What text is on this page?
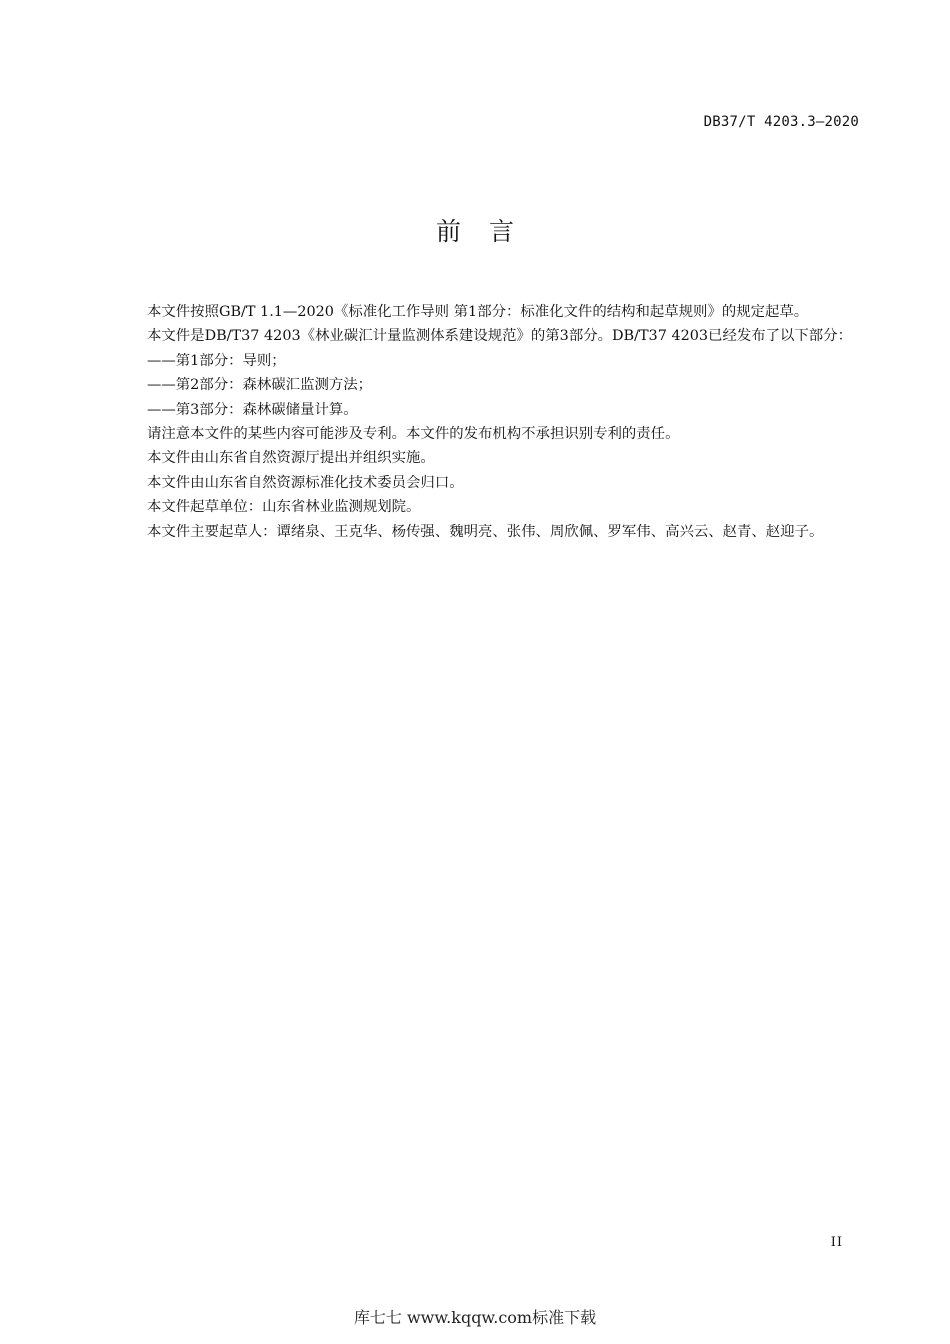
DB37/T 4203.3—2020
前言

本文件按照GB/T 1.1—2020《标准化工作导则 第1部分：标准化文件的结构和起草规则》的规定起草。

本文件是DB/T37 4203《林业碳汇计量监测体系建设规范》的第3部分。DB/T37 4203已经发布了以下部分：

——第1部分：导则；

——第2部分：森林碳汇监测方法；

——第3部分：森林碳储量计算。

请注意本文件的某些内容可能涉及专利。本文件的发布机构不承担识别专利的责任。

本文件由山东省自然资源厅提出并组织实施。

本文件由山东省自然资源标准化技术委员会归口。

本文件起草单位：山东省林业监测规划院。

本文件主要起草人：谭绪泉、王克华、杨传强、魏明亮、张伟、周欣佩、罗军伟、高兴云、赵青、赵迎子。

II
库七七 www.kqqw.com标准下载
